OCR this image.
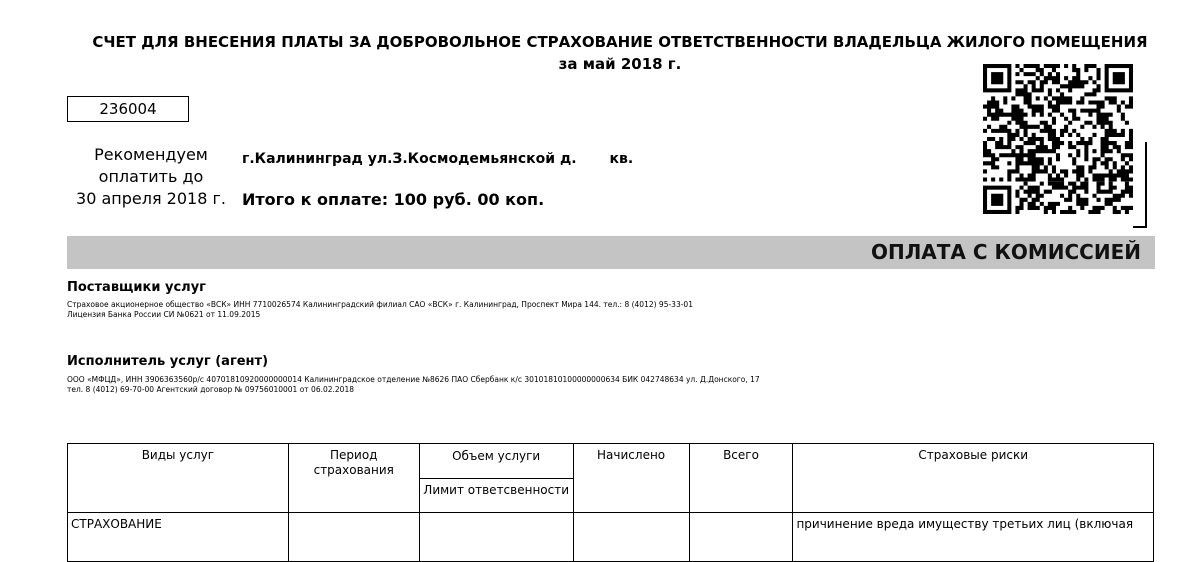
СЧЕТ ДЛЯ ВНЕСЕНИЯ ПЛАТЫ ЗА ДОБРОВОЛЬНОЕ СТРАХОВАНИЕ ОТВЕТСТВЕННОСТИ ВЛАДЕЛЬЦА ЖИЛОГО ПОМЕЩЕНИЯ
за май 2018 г.
236004
Рекомендуем
оплатить до
30 апреля 2018 г.
г.Калининград ул.З.Космодемьянской д. кв.
Итого к оплате: 100 руб. 00 коп.
ОПЛАТА С КОМИССИЕЙ
Поставщики услуг
Страховое акционерное общество «ВСК» ИНН 7710026574 Калининградский филиал САО «ВСК» г. Калининград, Проспект Мира 144. тел.: 8 (4012) 95-33-01
Лицензия Банка России СИ №0621 от 11.09.2015
Исполнитель услуг (агент)
ООО «МФЦД», ИНН 3906363560р/с 40701810920000000014 Калининградское отделение №8626 ПАО Сбербанк к/с 30101810100000000634 БИК 042748634 ул. Д.Донского, 17
тел. 8 (4012) 69-70-00 Агентский договор № 09756010001 от 06.02.2018
Виды услуг	Период страхования	Объем услуги	Начислено	Всего	Страховые риски
		Лимит ответсвенности			
СТРАХОВАНИЕ					причинение вреда имуществу третьих лиц (включая
